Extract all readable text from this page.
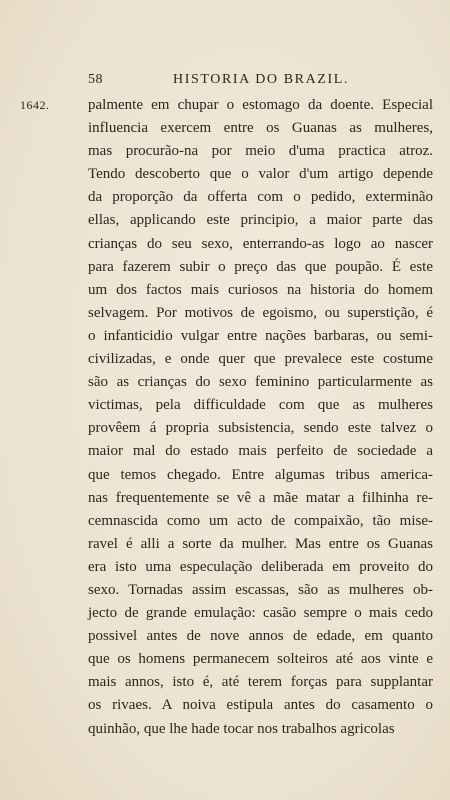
58	HISTORIA DO BRAZIL.
1642.	palmente em chupar o estomago da doente. Especial
influencia exercem entre os Guanas as mulheres,
mas procurão-na por meio d'uma practica atroz.
Tendo descoberto que o valor d'um artigo depende
da proporção da offerta com o pedido, exterminão
ellas, applicando este principio, a maior parte das
crianças do seu sexo, enterrando-as logo ao nascer
para fazerem subir o preço das que poupão. É este
um dos factos mais curiosos na historia do homem
selvagem. Por motivos de egoismo, ou superstição, é
o infanticidio vulgar entre nações barbaras, ou semi-
civilizadas, e onde quer que prevalece este costume
são as crianças do sexo feminino particularmente as
victimas, pela difficuldade com que as mulheres
provêem á propria subsistencia, sendo este talvez o
maior mal do estado mais perfeito de sociedade a
que temos chegado. Entre algumas tribus america-
nas frequentemente se vê a mãe matar a filhinha re-
cemnascida como um acto de compaixão, tão mise-
ravel é alli a sorte da mulher. Mas entre os Guanas
era isto uma especulação deliberada em proveito do
sexo. Tornadas assim escassas, são as mulheres ob-
jecto de grande emulação: casão sempre o mais cedo
possivel antes de nove annos de edade, em quanto
que os homens permanecem solteiros até aos vinte e
mais annos, isto é, até terem forças para supplantar
os rivaes. A noiva estipula antes do casamento o
quinhão, que lhe hade tocar nos trabalhos agricolas
